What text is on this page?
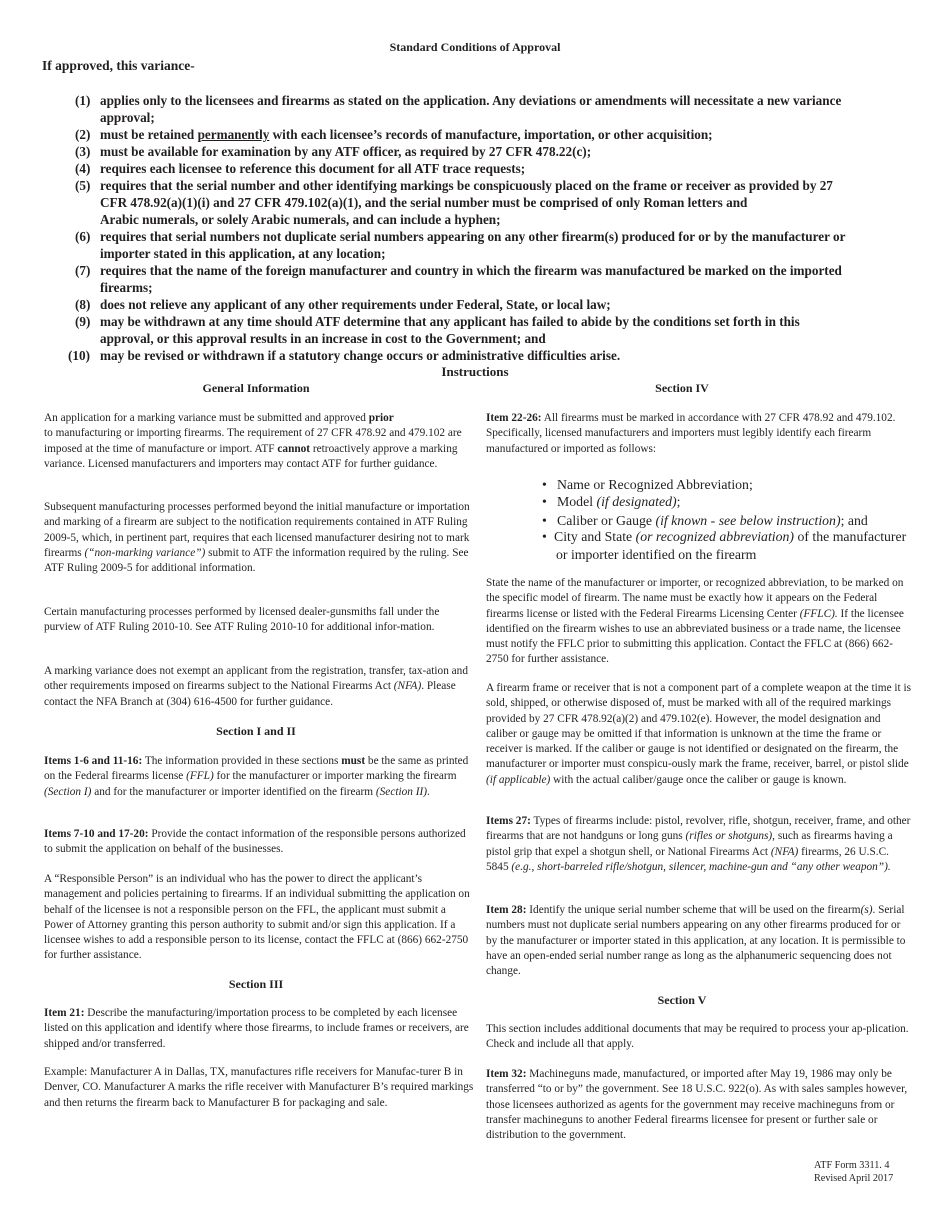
Standard Conditions of Approval
If approved, this variance-
(1) applies only to the licensees and firearms as stated on the application. Any deviations or amendments will necessitate a new variance
approval;
(2) must be retained permanently with each licensee’s records of manufacture, importation, or other acquisition;
(3) must be available for examination by any ATF officer, as required by 27 CFR 478.22(c);
(4) requires each licensee to reference this document for all ATF trace requests;
(5) requires that the serial number and other identifying markings be conspicuously placed on the frame or receiver as provided by 27
CFR 478.92(a)(1)(i) and 27 CFR 479.102(a)(1), and the serial number must be comprised of only Roman letters and
Arabic numerals, or solely Arabic numerals, and can include a hyphen;
(6) requires that serial numbers not duplicate serial numbers appearing on any other firearm(s) produced for or by the manufacturer or
importer stated in this application, at any location;
(7) requires that the name of the foreign manufacturer and country in which the firearm was manufactured be marked on the imported
firearms;
(8) does not relieve any applicant of any other requirements under Federal, State, or local law;
(9) may be withdrawn at any time should ATF determine that any applicant has failed to abide by the conditions set forth in this
approval, or this approval results in an increase in cost to the Government; and
(10) may be revised or withdrawn if a statutory change occurs or administrative difficulties arise.
Instructions
General Information

An application for a marking variance must be submitted and approved prior
to manufacturing or importing firearms. The requirement of 27 CFR 478.92 and 479.102 are imposed at the time of manufacture or import. ATF cannot retroactively approve a marking variance. Licensed manufacturers and importers may contact ATF for further guidance.

Subsequent manufacturing processes performed beyond the initial manufacture or importation and marking of a firearm are subject to the notification requirements contained in ATF Ruling 2009-5, which, in pertinent part, requires that each licensed manufacturer desiring not to mark firearms (“non-marking variance”) submit to ATF the information required by the ruling. See ATF Ruling 2009-5 for additional information.

Certain manufacturing processes performed by licensed dealer-gunsmiths fall under the purview of ATF Ruling 2010-10. See ATF Ruling 2010-10 for additional infor-mation.

A marking variance does not exempt an applicant from the registration, transfer, tax-ation and other requirements imposed on firearms subject to the National Firearms Act (NFA). Please contact the NFA Branch at (304) 616-4500 for further guidance.

Section I and II

Items 1-6 and 11-16: The information provided in these sections must be the same as printed on the Federal firearms license (FFL) for the manufacturer or importer marking the firearm (Section I) and for the manufacturer or importer identified on the firearm (Section II).

Items 7-10 and 17-20: Provide the contact information of the responsible persons authorized to submit the application on behalf of the businesses.

A “Responsible Person” is an individual who has the power to direct the applicant’s management and policies pertaining to firearms. If an individual submitting the application on behalf of the licensee is not a responsible person on the FFL, the applicant must submit a Power of Attorney granting this person authority to submit and/or sign this application. If a licensee wishes to add a responsible person to its license, contact the FFLC at (866) 662-2750 for further assistance.

Section III

Item 21: Describe the manufacturing/importation process to be completed by each licensee listed on this application and identify where those firearms, to include frames or receivers, are shipped and/or transferred.

Example: Manufacturer A in Dallas, TX, manufactures rifle receivers for Manufac-turer B in Denver, CO. Manufacturer A marks the rifle receiver with Manufacturer B’s required markings and then returns the firearm back to Manufacturer B for packaging and sale.

Section IV

Item 22-26: All firearms must be marked in accordance with 27 CFR 478.92 and 479.102. Specifically, licensed manufacturers and importers must legibly identify each firearm manufactured or imported as follows:

• Name or Recognized Abbreviation;
• Model (if designated);
• Caliber or Gauge (if known - see below instruction); and
• City and State (or recognized abbreviation) of the manufacturer
or importer identified on the firearm

State the name of the manufacturer or importer, or recognized abbreviation, to be marked on the specific model of firearm. The name must be exactly how it appears on the Federal firearms license or listed with the Federal Firearms Licensing Center (FFLC). If the licensee identified on the firearm wishes to use an abbreviated business or a trade name, the licensee must notify the FFLC prior to submitting this application. Contact the FFLC at (866) 662-2750 for further assistance.

A firearm frame or receiver that is not a component part of a complete weapon at the time it is sold, shipped, or otherwise disposed of, must be marked with all of the required markings provided by 27 CFR 478.92(a)(2) and 479.102(e). However, the model designation and caliber or gauge may be omitted if that information is unknown at the time the frame or receiver is marked. If the caliber or gauge is not identified or designated on the firearm, the manufacturer or importer must conspicu-ously mark the frame, receiver, barrel, or pistol slide (if applicable) with the actual caliber/gauge once the caliber or gauge is known.

Items 27: Types of firearms include: pistol, revolver, rifle, shotgun, receiver, frame, and other firearms that are not handguns or long guns (rifles or shotguns), such as firearms having a pistol grip that expel a shotgun shell, or National Firearms Act (NFA) firearms, 26 U.S.C. 5845 (e.g., short-barreled rifle/shotgun, silencer, machine-gun and “any other weapon”).

Item 28: Identify the unique serial number scheme that will be used on the firearm(s). Serial numbers must not duplicate serial numbers appearing on any other firearms produced for or by the manufacturer or importer stated in this application, at any location. It is permissible to have an open-ended serial number range as long as the alphanumeric sequencing does not change.

Section V

This section includes additional documents that may be required to process your ap-plication. Check and include all that apply.

Item 32: Machineguns made, manufactured, or imported after May 19, 1986 may only be transferred “to or by” the government. See 18 U.S.C. 922(o). As with sales samples however, those licensees authorized as agents for the government may receive machineguns from or transfer machineguns to another Federal firearms licensee for present or further sale or distribution to the government.

ATF Form 3311. 4
Revised April 2017
